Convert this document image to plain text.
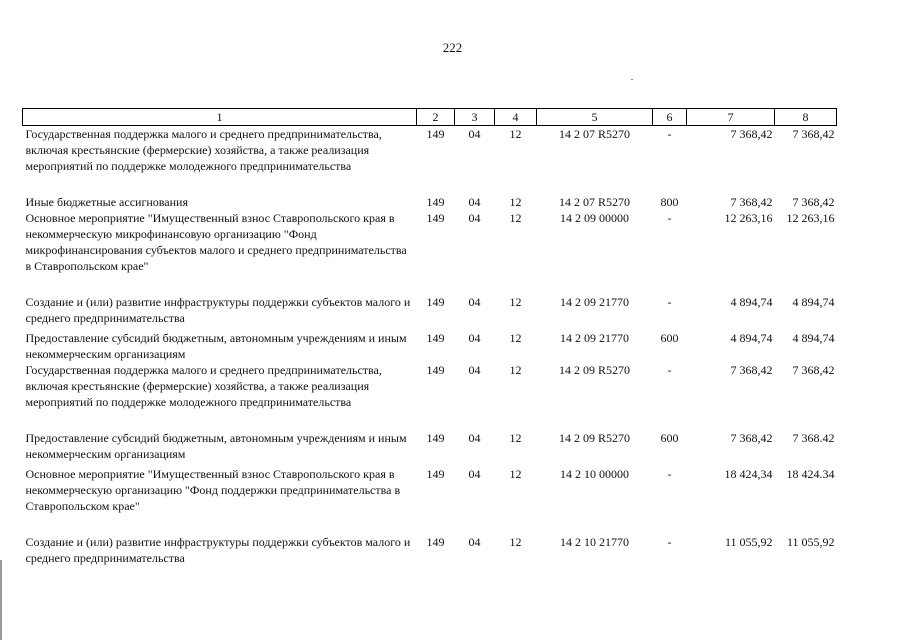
222
1	2	3	4	5	6	7	8
Государственная поддержка малого и среднего предпринимательства, включая крестьянские (фермерские) хозяйства, а также реализация мероприятий по поддержке молодежного предпринимательства	149	04	12	14 2 07 R5270	-	7 368,42	7 368,42
Иные бюджетные ассигнования	149	04	12	14 2 07 R5270	800	7 368,42	7 368,42
Основное мероприятие "Имущественный взнос Ставропольского края в некоммерческую микрофинансовую организацию "Фонд микрофинансирования субъектов малого и среднего предпринимательства в Ставропольском крае"	149	04	12	14 2 09 00000	-	12 263,16	12 263,16
Создание и (или) развитие инфраструктуры поддержки субъектов малого и среднего предпринимательства	149	04	12	14 2 09 21770	-	4 894,74	4 894,74
Предоставление субсидий бюджетным, автономным учреждениям и иным некоммерческим организациям	149	04	12	14 2 09 21770	600	4 894,74	4 894,74
Государственная поддержка малого и среднего предпринимательства, включая крестьянские (фермерские) хозяйства, а также реализация мероприятий по поддержке молодежного предпринимательства	149	04	12	14 2 09 R5270	-	7 368,42	7 368,42
Предоставление субсидий бюджетным, автономным учреждениям и иным некоммерческим организациям	149	04	12	14 2 09 R5270	600	7 368,42	7 368.42
Основное мероприятие "Имущественный взнос Ставропольского края в некоммерческую организацию "Фонд поддержки предпринимательства в Ставропольском крае"	149	04	12	14 2 10 00000	-	18 424,34	18 424.34
Создание и (или) развитие инфраструктуры поддержки субъектов малого и среднего предпринимательства	149	04	12	14 2 10 21770	-	11 055,92	11 055,92
